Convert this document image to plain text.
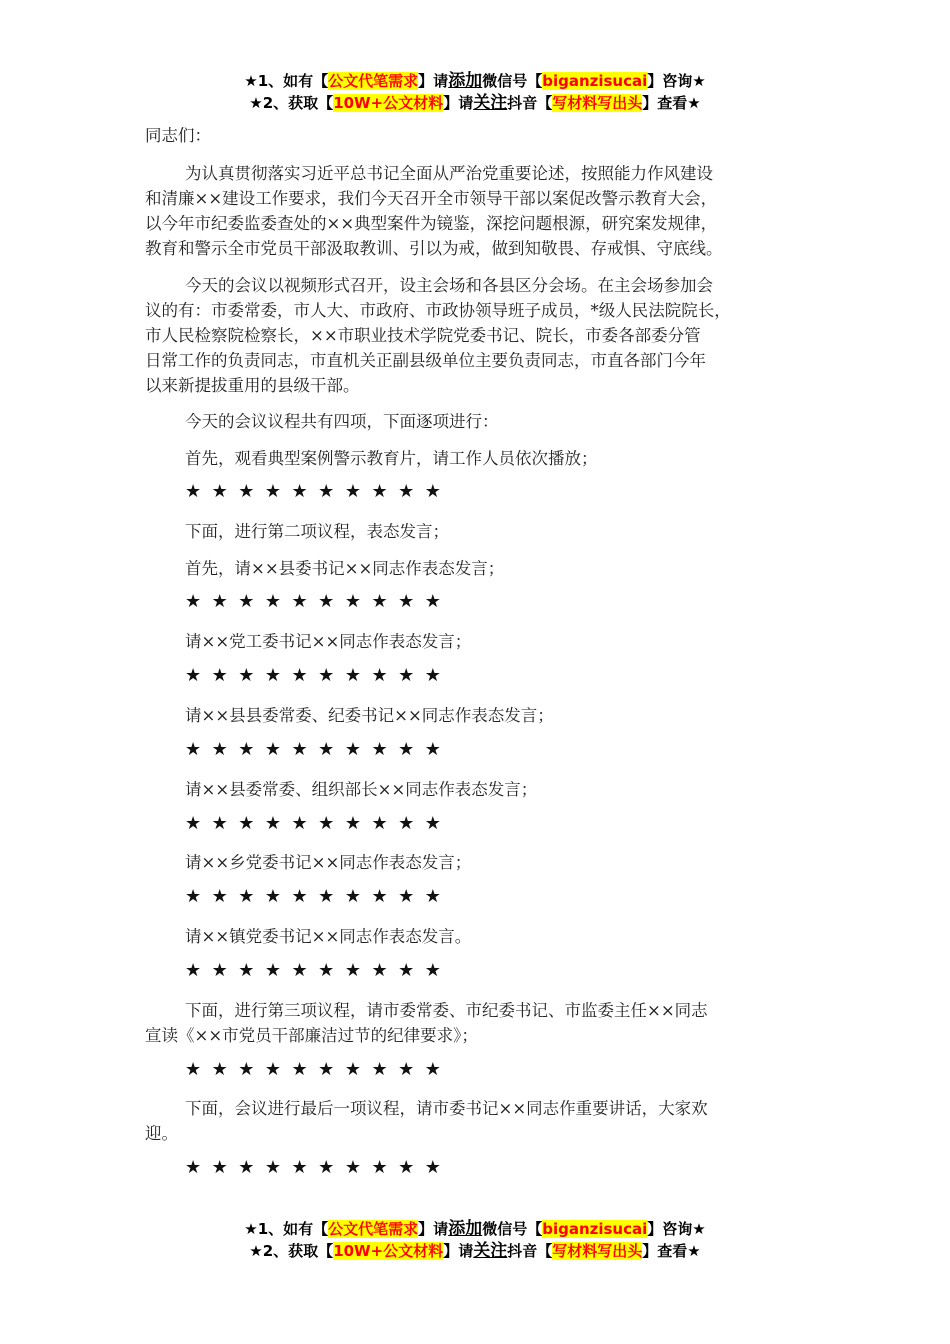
★1、如有【公文代笔需求】请添加微信号【biganzisucai】咨询★
★2、获取【10W+公文材料】请关注抖音【写材料写出头】查看★
同志们：
为认真贯彻落实习近平总书记全面从严治党重要论述，按照能力作风建设
和清廉××建设工作要求，我们今天召开全市领导干部以案促改警示教育大会，
以今年市纪委监委查处的××典型案件为镜鉴，深挖问题根源，研究案发规律，
教育和警示全市党员干部汲取教训、引以为戒，做到知敬畏、存戒惧、守底线。
今天的会议以视频形式召开，设主会场和各县区分会场。在主会场参加会
议的有：市委常委，市人大、市政府、市政协领导班子成员，*级人民法院院长，
市人民检察院检察长，××市职业技术学院党委书记、院长，市委各部委分管
日常工作的负责同志，市直机关正副县级单位主要负责同志，市直各部门今年
以来新提拔重用的县级干部。
今天的会议议程共有四项，下面逐项进行：
首先，观看典型案例警示教育片，请工作人员依次播放；
★★★★★★★★★★
下面，进行第二项议程，表态发言；
首先，请××县委书记××同志作表态发言；
★★★★★★★★★★
请××党工委书记××同志作表态发言；
★★★★★★★★★★
请××县县委常委、纪委书记××同志作表态发言；
★★★★★★★★★★
请××县委常委、组织部长××同志作表态发言；
★★★★★★★★★★
请××乡党委书记××同志作表态发言；
★★★★★★★★★★
请××镇党委书记××同志作表态发言。
★★★★★★★★★★
下面，进行第三项议程，请市委常委、市纪委书记、市监委主任××同志
宣读《××市党员干部廉洁过节的纪律要求》；
★★★★★★★★★★
下面，会议进行最后一项议程，请市委书记××同志作重要讲话，大家欢
迎。
★★★★★★★★★★
★1、如有【公文代笔需求】请添加微信号【biganzisucai】咨询★
★2、获取【10W+公文材料】请关注抖音【写材料写出头】查看★
